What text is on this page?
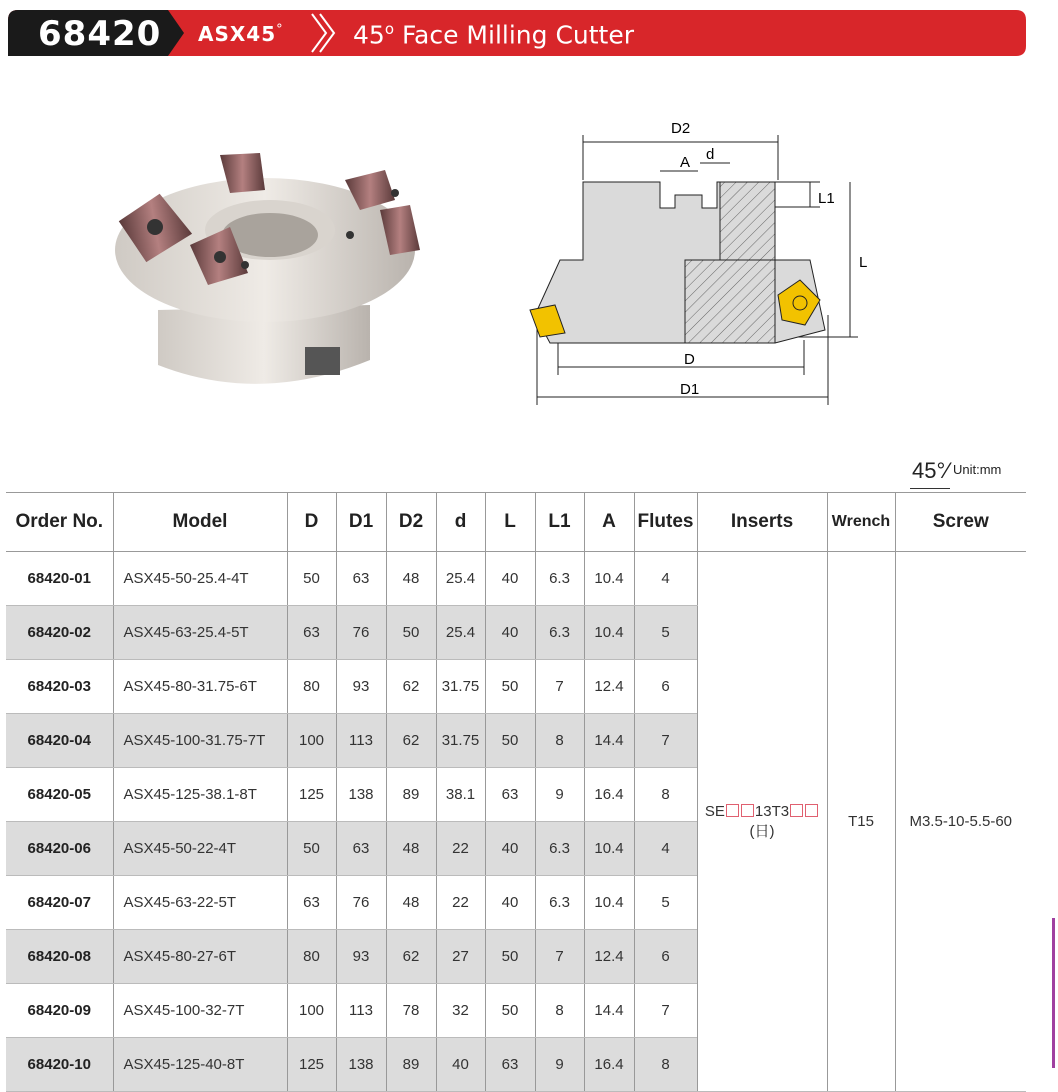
68420 ASX45°	45$^o$ Face Milling Cutter
D2
A d
L1
L
D
D1
45°⁄ Unit:mm
Order No.	Model	D	D1	D2	d	L	L1	A	Flutes	Inserts	Wrench	Screw
68420-01	ASX45-50-25.4-4T	50	63	48	25.4	40	6.3	10.4	4	SE 13T3
(日)	T15	M3.5-10-5.5-60
68420-02	ASX45-63-25.4-5T	63	76	50	25.4	40	6.3	10.4	5			
68420-03	ASX45-80-31.75-6T	80	93	62	31.75	50	7	12.4	6			
68420-04	ASX45-100-31.75-7T	100	113	62	31.75	50	8	14.4	7			
68420-05	ASX45-125-38.1-8T	125	138	89	38.1	63	9	16.4	8			
68420-06	ASX45-50-22-4T	50	63	48	22	40	6.3	10.4	4			
68420-07	ASX45-63-22-5T	63	76	48	22	40	6.3	10.4	5			
68420-08	ASX45-80-27-6T	80	93	62	27	50	7	12.4	6			
68420-09	ASX45-100-32-7T	100	113	78	32	50	8	14.4	7			
68420-10	ASX45-125-40-8T	125	138	89	40	63	9	16.4	8			
